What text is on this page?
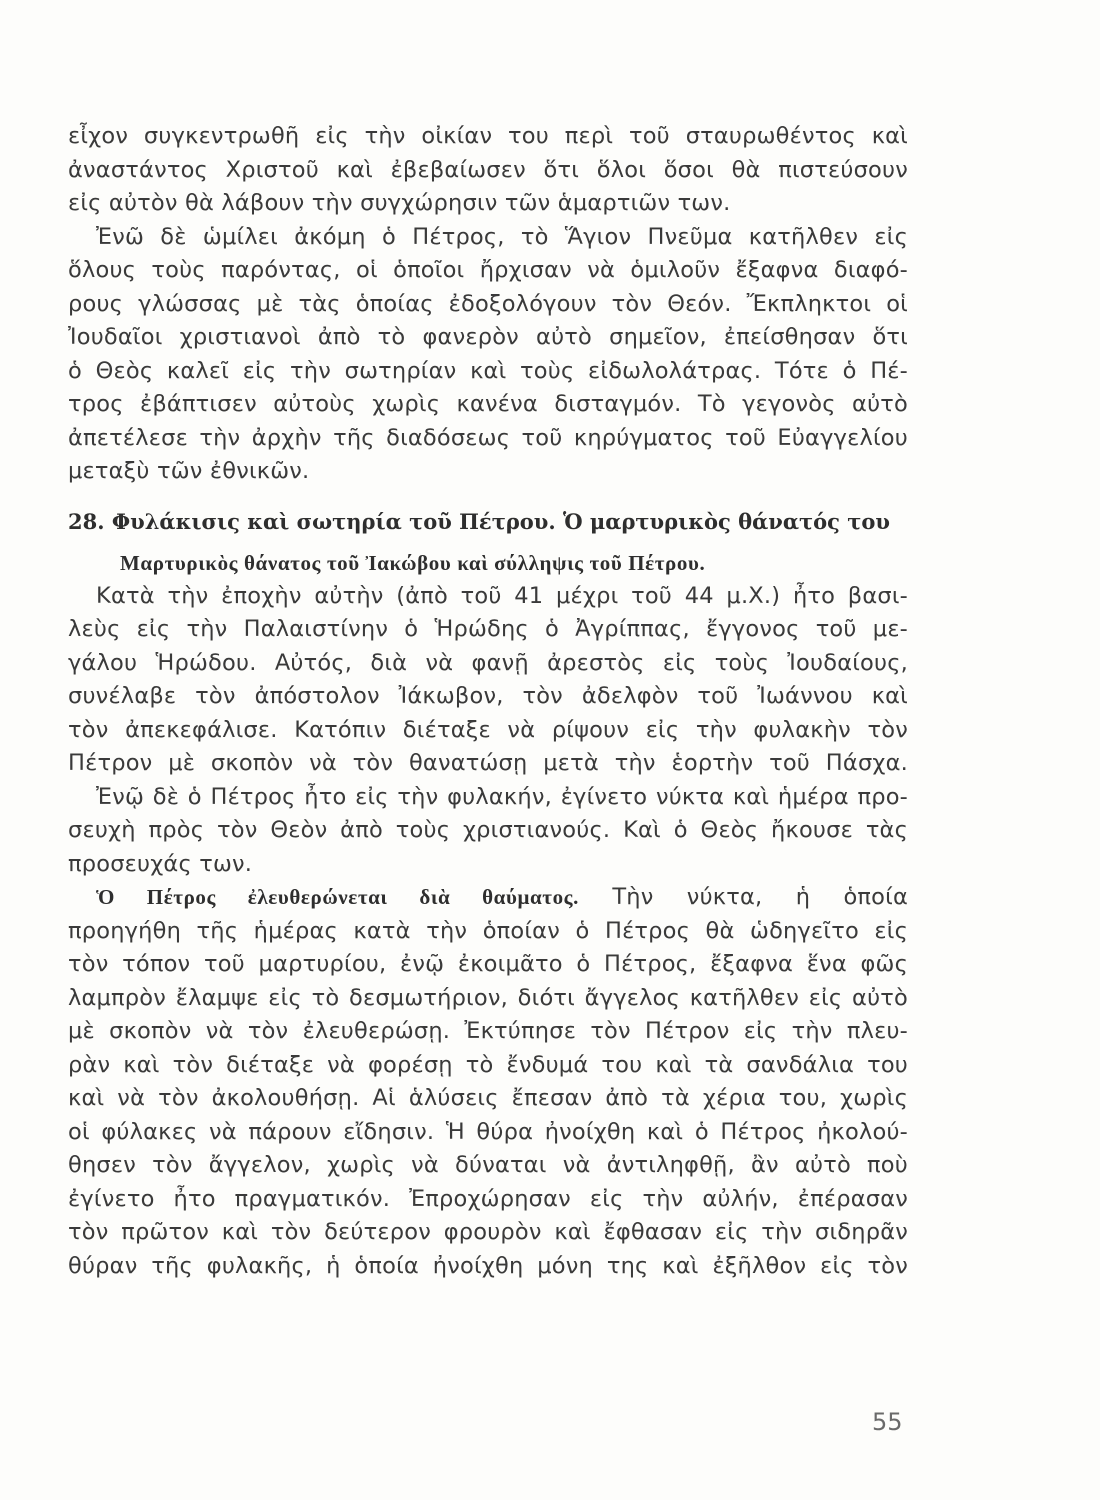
εἶχον συγκεντρωθῆ εἰς τὴν οἰκίαν του περὶ τοῦ σταυρωθέντος καὶ
ἀναστάντος Χριστοῦ καὶ ἐβεβαίωσεν ὅτι ὅλοι ὅσοι θὰ πιστεύσουν
εἰς αὐτὸν θὰ λάβουν τὴν συγχώρησιν τῶν ἁμαρτιῶν των.
Ἐνῶ δὲ ὡμίλει ἀκόμη ὁ Πέτρος, τὸ Ἅγιον Πνεῦμα κατῆλθεν εἰς
ὅλους τοὺς παρόντας, οἱ ὁποῖοι ἤρχισαν νὰ ὁμιλοῦν ἔξαφνα διαφό-
ρους γλώσσας μὲ τὰς ὁποίας ἐδοξολόγουν τὸν Θεόν. Ἔκπληκτοι οἱ
Ἰουδαῖοι χριστιανοὶ ἀπὸ τὸ φανερὸν αὐτὸ σημεῖον, ἐπείσθησαν ὅτι
ὁ Θεὸς καλεῖ εἰς τὴν σωτηρίαν καὶ τοὺς εἰδωλολάτρας. Τότε ὁ Πέ-
τρος ἐβάπτισεν αὐτοὺς χωρὶς κανένα δισταγμόν. Τὸ γεγονὸς αὐτὸ
ἀπετέλεσε τὴν ἀρχὴν τῆς διαδόσεως τοῦ κηρύγματος τοῦ Εὐαγγελίου
μεταξὺ τῶν ἐθνικῶν.
28. Φυλάκισις καὶ σωτηρία τοῦ Πέτρου. Ὁ μαρτυρικὸς θάνατός του
Μαρτυρικὸς θάνατος τοῦ Ἰακώβου καὶ σύλληψις τοῦ Πέτρου.
Κατὰ τὴν ἐποχὴν αὐτὴν (ἀπὸ τοῦ 41 μέχρι τοῦ 44 μ.Χ.) ἦτο βασι-
λεὺς εἰς τὴν Παλαιστίνην ὁ Ἡρώδης ὁ Ἀγρίππας, ἔγγονος τοῦ με-
γάλου Ἡρώδου. Αὐτός, διὰ νὰ φανῇ ἀρεστὸς εἰς τοὺς Ἰουδαίους,
συνέλαβε τὸν ἀπόστολον Ἰάκωβον, τὸν ἀδελφὸν τοῦ Ἰωάννου καὶ
τὸν ἀπεκεφάλισε. Κατόπιν διέταξε νὰ ρίψουν εἰς τὴν φυλακὴν τὸν
Πέτρον μὲ σκοπὸν νὰ τὸν θανατώσῃ μετὰ τὴν ἑορτὴν τοῦ Πάσχα.
Ἐνῷ δὲ ὁ Πέτρος ἦτο εἰς τὴν φυλακήν, ἐγίνετο νύκτα καὶ ἡμέρα προ-
σευχὴ πρὸς τὸν Θεὸν ἀπὸ τοὺς χριστιανούς. Καὶ ὁ Θεὸς ἤκουσε τὰς
προσευχάς των.
Ὁ Πέτρος ἐλευθερώνεται διὰ θαύματος. Τὴν νύκτα, ἡ ὁποία
προηγήθη τῆς ἡμέρας κατὰ τὴν ὁποίαν ὁ Πέτρος θὰ ὡδηγεῖτο εἰς
τὸν τόπον τοῦ μαρτυρίου, ἐνῷ ἐκοιμᾶτο ὁ Πέτρος, ἔξαφνα ἕνα φῶς
λαμπρὸν ἔλαμψε εἰς τὸ δεσμωτήριον, διότι ἄγγελος κατῆλθεν εἰς αὐτὸ
μὲ σκοπὸν νὰ τὸν ἐλευθερώσῃ. Ἐκτύπησε τὸν Πέτρον εἰς τὴν πλευ-
ρὰν καὶ τὸν διέταξε νὰ φορέσῃ τὸ ἔνδυμά του καὶ τὰ σανδάλια του
καὶ νὰ τὸν ἀκολουθήσῃ. Αἱ ἁλύσεις ἔπεσαν ἀπὸ τὰ χέρια του, χωρὶς
οἱ φύλακες νὰ πάρουν εἴδησιν. Ἡ θύρα ἠνοίχθη καὶ ὁ Πέτρος ἠκολού-
θησεν τὸν ἄγγελον, χωρὶς νὰ δύναται νὰ ἀντιληφθῇ, ἂν αὐτὸ ποὺ
ἐγίνετο ἦτο πραγματικόν. Ἐπροχώρησαν εἰς τὴν αὐλήν, ἐπέρασαν
τὸν πρῶτον καὶ τὸν δεύτερον φρουρὸν καὶ ἔφθασαν εἰς τὴν σιδηρᾶν
θύραν τῆς φυλακῆς, ἡ ὁποία ἠνοίχθη μόνη της καὶ ἐξῆλθον εἰς τὸν
55
